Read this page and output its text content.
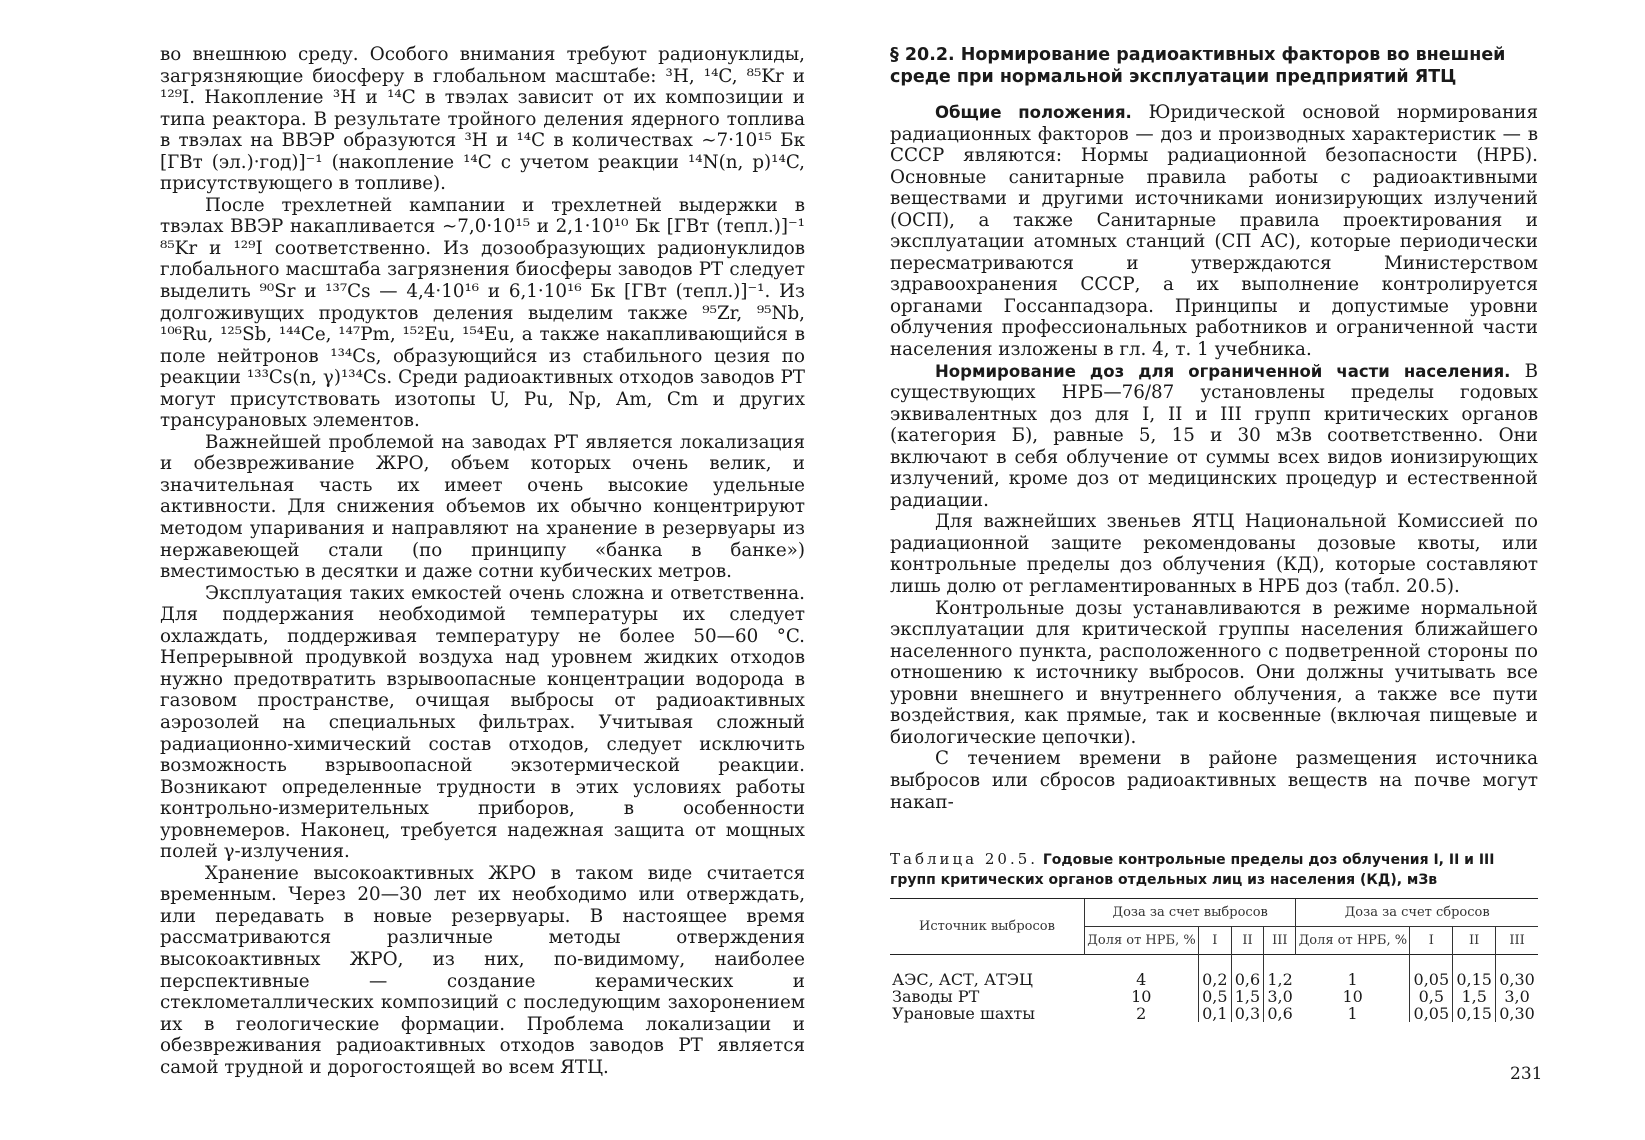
во внешнюю среду. Особого внимания требуют радионуклиды, загрязняющие биосферу в глобальном масштабе: ³H, ¹⁴C, ⁸⁵Kr и ¹²⁹I. Накопление ³H и ¹⁴C в твэлах зависит от их композиции и типа реактора. В результате тройного деления ядерного топлива в твэлах на ВВЭР образуются ³H и ¹⁴C в количествах ∼7·10¹⁵ Бк [ГВт (эл.)·год)]⁻¹ (накопление ¹⁴C с учетом реакции ¹⁴N(n, p)¹⁴C, присутствующего в топливе).

После трехлетней кампании и трехлетней выдержки в твэлах ВВЭР накапливается ∼7,0·10¹⁵ и 2,1·10¹⁰ Бк [ГВт (тепл.)]⁻¹ ⁸⁵Kr и ¹²⁹I соответственно. Из дозообразующих радионуклидов глобального масштаба загрязнения биосферы заводов РТ следует выделить ⁹⁰Sr и ¹³⁷Cs — 4,4·10¹⁶ и 6,1·10¹⁶ Бк [ГВт (тепл.)]⁻¹. Из долгоживущих продуктов деления выделим также ⁹⁵Zr, ⁹⁵Nb, ¹⁰⁶Ru, ¹²⁵Sb, ¹⁴⁴Ce, ¹⁴⁷Pm, ¹⁵²Eu, ¹⁵⁴Eu, а также накапливающийся в поле нейтронов ¹³⁴Cs, образующийся из стабильного цезия по реакции ¹³³Cs(n, γ)¹³⁴Cs. Среди радиоактивных отходов заводов РТ могут присутствовать изотопы U, Pu, Np, Am, Cm и других трансурановых элементов.

Важнейшей проблемой на заводах РТ является локализация и обезвреживание ЖРО, объем которых очень велик, и значительная часть их имеет очень высокие удельные активности. Для снижения объемов их обычно концентрируют методом упаривания и направляют на хранение в резервуары из нержавеющей стали (по принципу «банка в банке») вместимостью в десятки и даже сотни кубических метров.

Эксплуатация таких емкостей очень сложна и ответственна. Для поддержания необходимой температуры их следует охлаждать, поддерживая температуру не более 50—60 °C. Непрерывной продувкой воздуха над уровнем жидких отходов нужно предотвратить взрывоопасные концентрации водорода в газовом пространстве, очищая выбросы от радиоактивных аэрозолей на специальных фильтрах. Учитывая сложный радиационно-химический состав отходов, следует исключить возможность взрывоопасной экзотермической реакции. Возникают определенные трудности в этих условиях работы контрольно-измерительных приборов, в особенности уровнемеров. Наконец, требуется надежная защита от мощных полей γ-излучения.

Хранение высокоактивных ЖРО в таком виде считается временным. Через 20—30 лет их необходимо или отверждать, или передавать в новые резервуары. В настоящее время рассматриваются различные методы отверждения высокоактивных ЖРО, из них, по-видимому, наиболее перспективные — создание керамических и стеклометаллических композиций с последующим захоронением их в геологические формации. Проблема локализации и обезвреживания радиоактивных отходов заводов РТ является самой трудной и дорогостоящей во всем ЯТЦ.

§ 20.2. Нормирование радиоактивных факторов во внешней среде при нормальной эксплуатации предприятий ЯТЦ

Общие положения. Юридической основой нормирования радиационных факторов — доз и производных характеристик — в СССР являются: Нормы радиационной безопасности (НРБ). Основные санитарные правила работы с радиоактивными веществами и другими источниками ионизирующих излучений (ОСП), а также Санитарные правила проектирования и эксплуатации атомных станций (СП АС), которые периодически пересматриваются и утверждаются Министерством здравоохранения СССР, а их выполнение контролируется органами Госсанпадзора. Принципы и допустимые уровни облучения профессиональных работников и ограниченной части населения изложены в гл. 4, т. 1 учебника.

Нормирование доз для ограниченной части населения. В существующих НРБ—76/87 установлены пределы годовых эквивалентных доз для I, II и III групп критических органов (категория Б), равные 5, 15 и 30 мЗв соответственно. Они включают в себя облучение от суммы всех видов ионизирующих излучений, кроме доз от медицинских процедур и естественной радиации.

Для важнейших звеньев ЯТЦ Национальной Комиссией по радиационной защите рекомендованы дозовые квоты, или контрольные пределы доз облучения (КД), которые составляют лишь долю от регламентированных в НРБ доз (табл. 20.5).

Контрольные дозы устанавливаются в режиме нормальной эксплуатации для критической группы населения ближайшего населенного пункта, расположенного с подветренной стороны по отношению к источнику выбросов. Они должны учитывать все уровни внешнего и внутреннего облучения, а также все пути воздействия, как прямые, так и косвенные (включая пищевые и биологические цепочки).

С течением времени в районе размещения источника выбросов или сбросов радиоактивных веществ на почве могут накап-

Таблица 20.5. Годовые контрольные пределы доз облучения I, II и III групп критических органов отдельных лиц из населения (КД), мЗв

Источник выбросов	Доза за счет выбросов				Доза за счет сбросов			
	Доля от НРБ, %	I	II	III	Доля от НРБ, %	I	II	III
АЭС, АСТ, АТЭЦ	4	0,2	0,6	1,2	1	0,05	0,15	0,30
Заводы РТ	10	0,5	1,5	3,0	10	0,5	1,5	3,0
Урановые шахты	2	0,1	0,3	0,6	1	0,05	0,15	0,30
231
